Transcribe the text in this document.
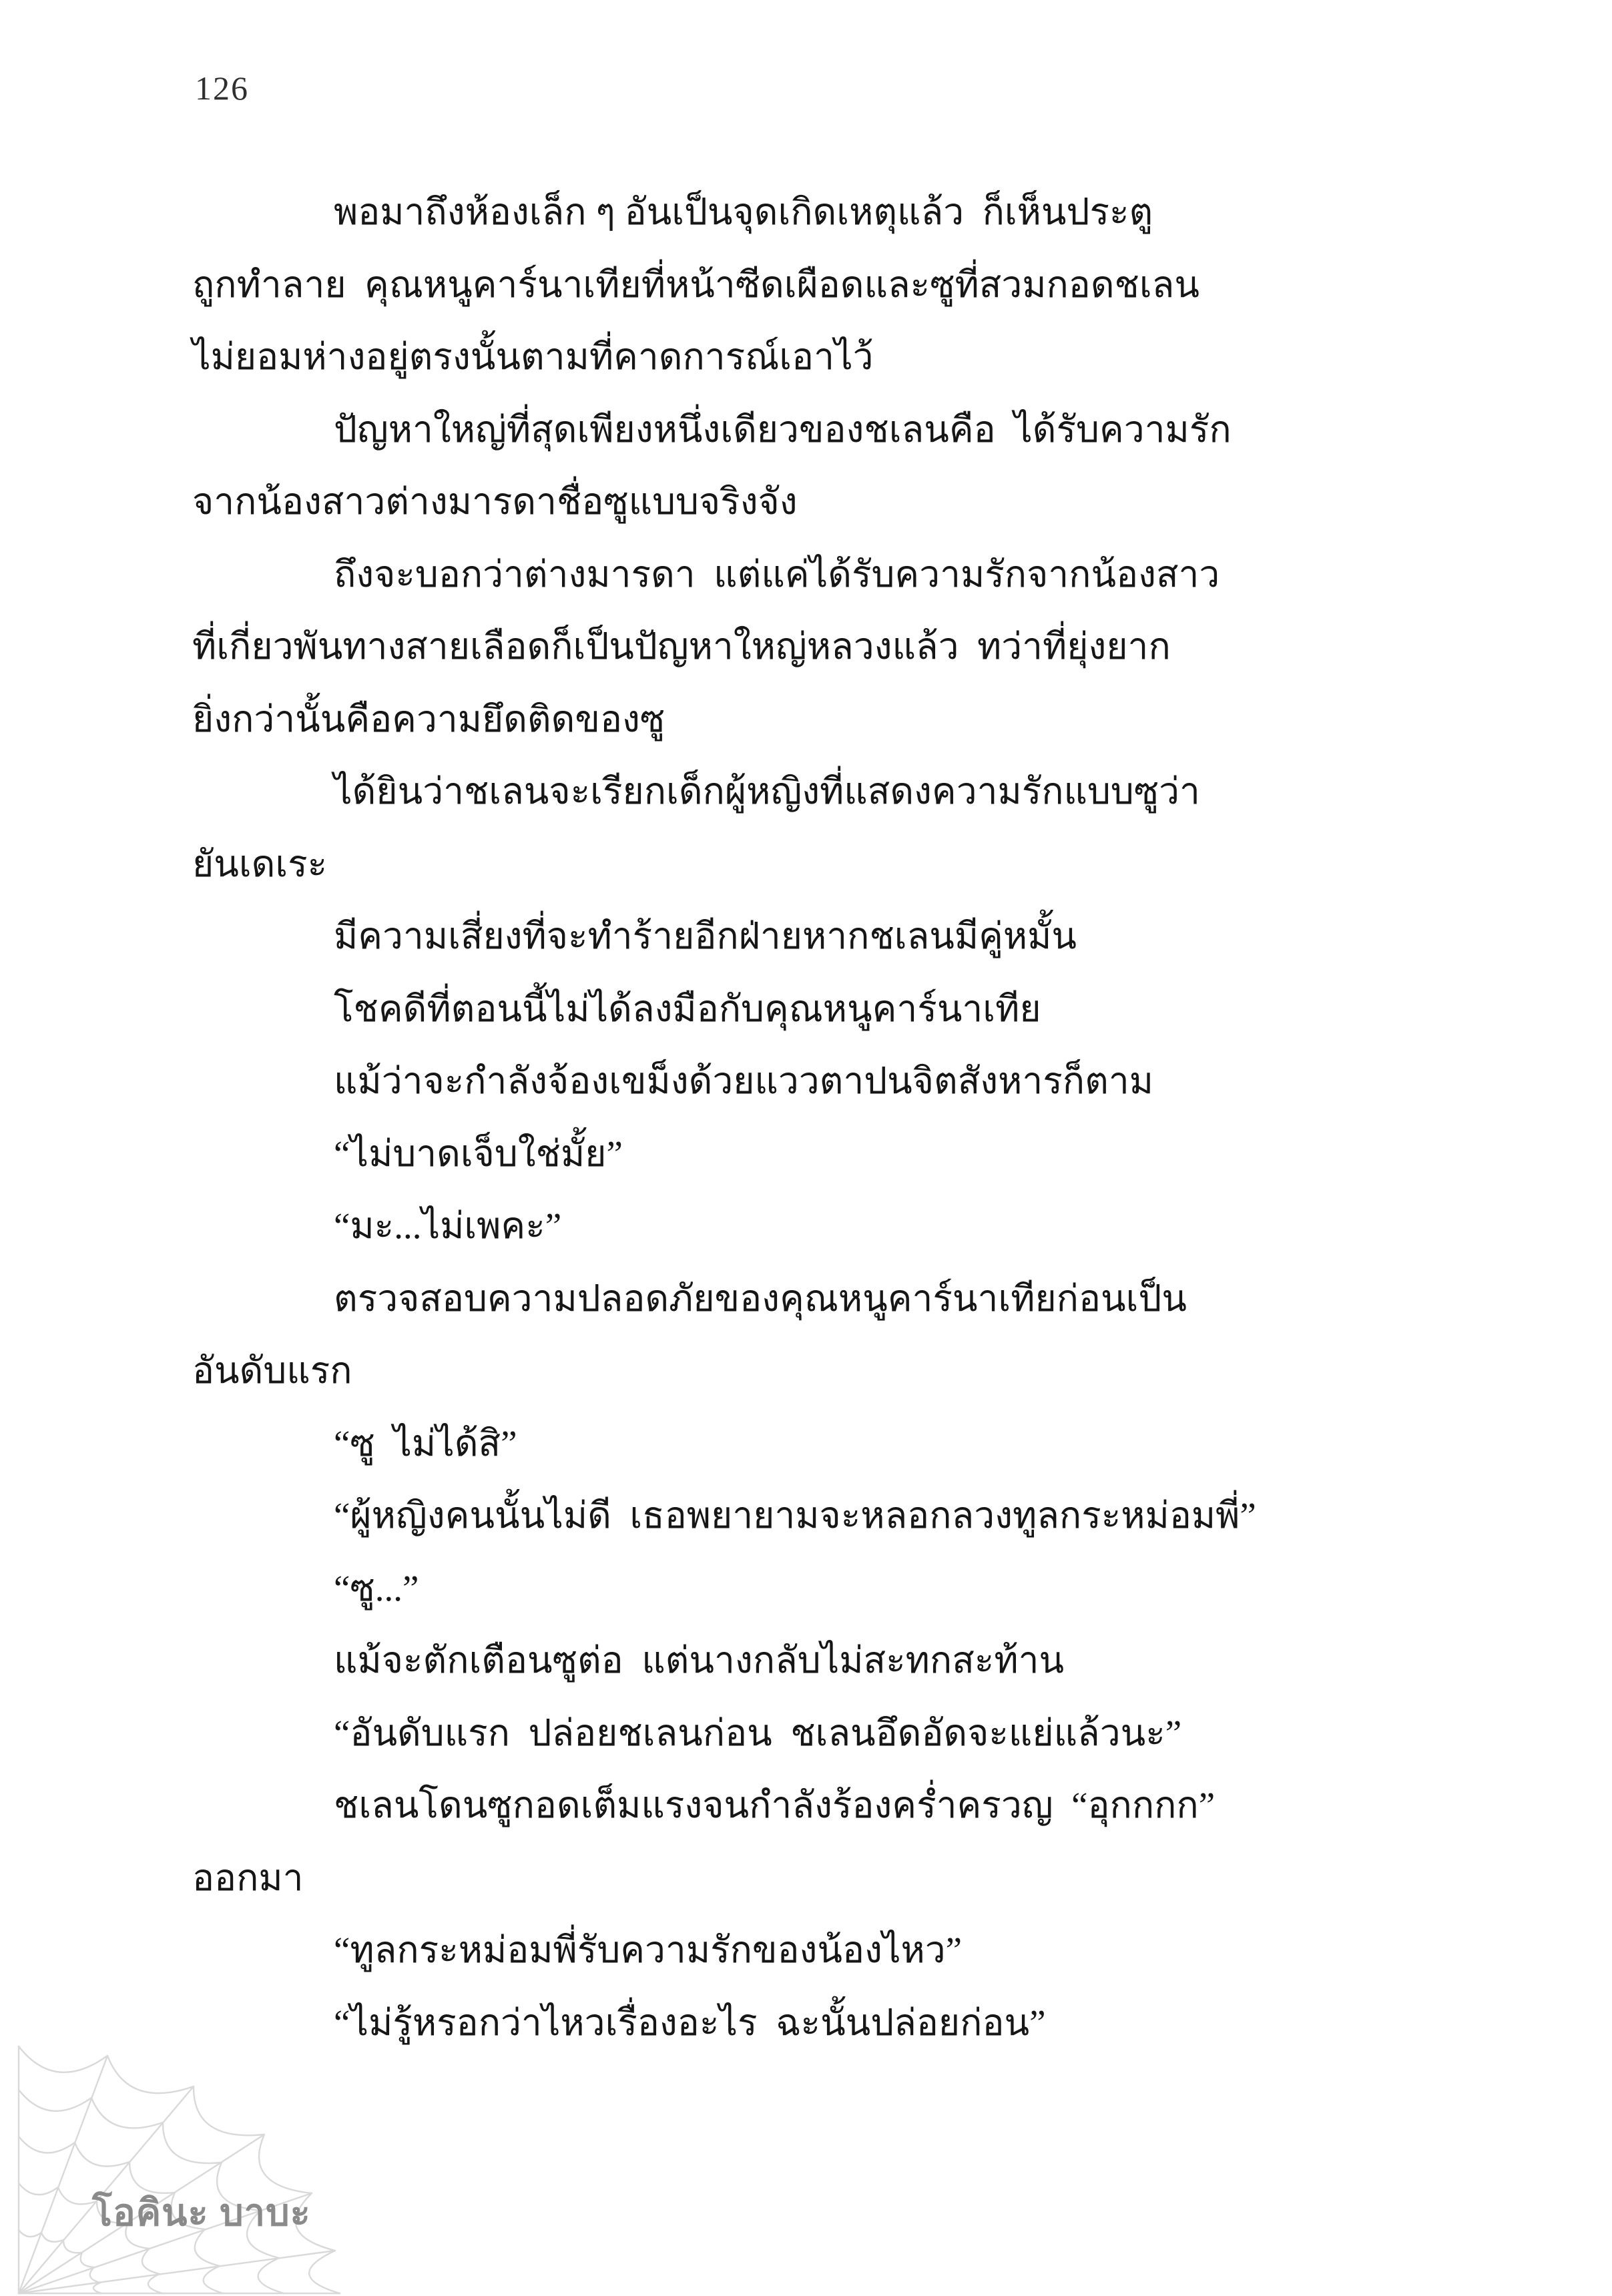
126
พอมาถึงห้องเล็ก ๆ อันเป็นจุดเกิดเหตุแล้ว  ก็เห็นประตู
ถูกทำลาย  คุณหนูคาร์นาเทียที่หน้าซีดเผือดและซูที่สวมกอดชเลน
ไม่ยอมห่างอยู่ตรงนั้นตามที่คาดการณ์เอาไว้
ปัญหาใหญ่ที่สุดเพียงหนึ่งเดียวของชเลนคือ  ได้รับความรัก
จากน้องสาวต่างมารดาชื่อซูแบบจริงจัง
ถึงจะบอกว่าต่างมารดา  แต่แค่ได้รับความรักจากน้องสาว
ที่เกี่ยวพันทางสายเลือดก็เป็นปัญหาใหญ่หลวงแล้ว  ทว่าที่ยุ่งยาก
ยิ่งกว่านั้นคือความยึดติดของซู
ได้ยินว่าชเลนจะเรียกเด็กผู้หญิงที่แสดงความรักแบบซูว่า
ยันเดเระ
มีความเสี่ยงที่จะทำร้ายอีกฝ่ายหากชเลนมีคู่หมั้น
โชคดีที่ตอนนี้ไม่ได้ลงมือกับคุณหนูคาร์นาเทีย
แม้ว่าจะกำลังจ้องเขม็งด้วยแววตาปนจิตสังหารก็ตาม
“ไม่บาดเจ็บใช่มั้ย”
“มะ...ไม่เพคะ”
ตรวจสอบความปลอดภัยของคุณหนูคาร์นาเทียก่อนเป็น
อันดับแรก
“ซู  ไม่ได้สิ”
“ผู้หญิงคนนั้นไม่ดี  เธอพยายามจะหลอกลวงทูลกระหม่อมพี่”
“ซู...”
แม้จะตักเตือนซูต่อ  แต่นางกลับไม่สะทกสะท้าน
“อันดับแรก  ปล่อยชเลนก่อน  ชเลนอึดอัดจะแย่แล้วนะ”
ชเลนโดนซูกอดเต็มแรงจนกำลังร้องคร่ำครวญ  “อุกกกก”
ออกมา
“ทูลกระหม่อมพี่รับความรักของน้องไหว”
“ไม่รู้หรอกว่าไหวเรื่องอะไร  ฉะนั้นปล่อยก่อน”
โอคินะ บาบะ
